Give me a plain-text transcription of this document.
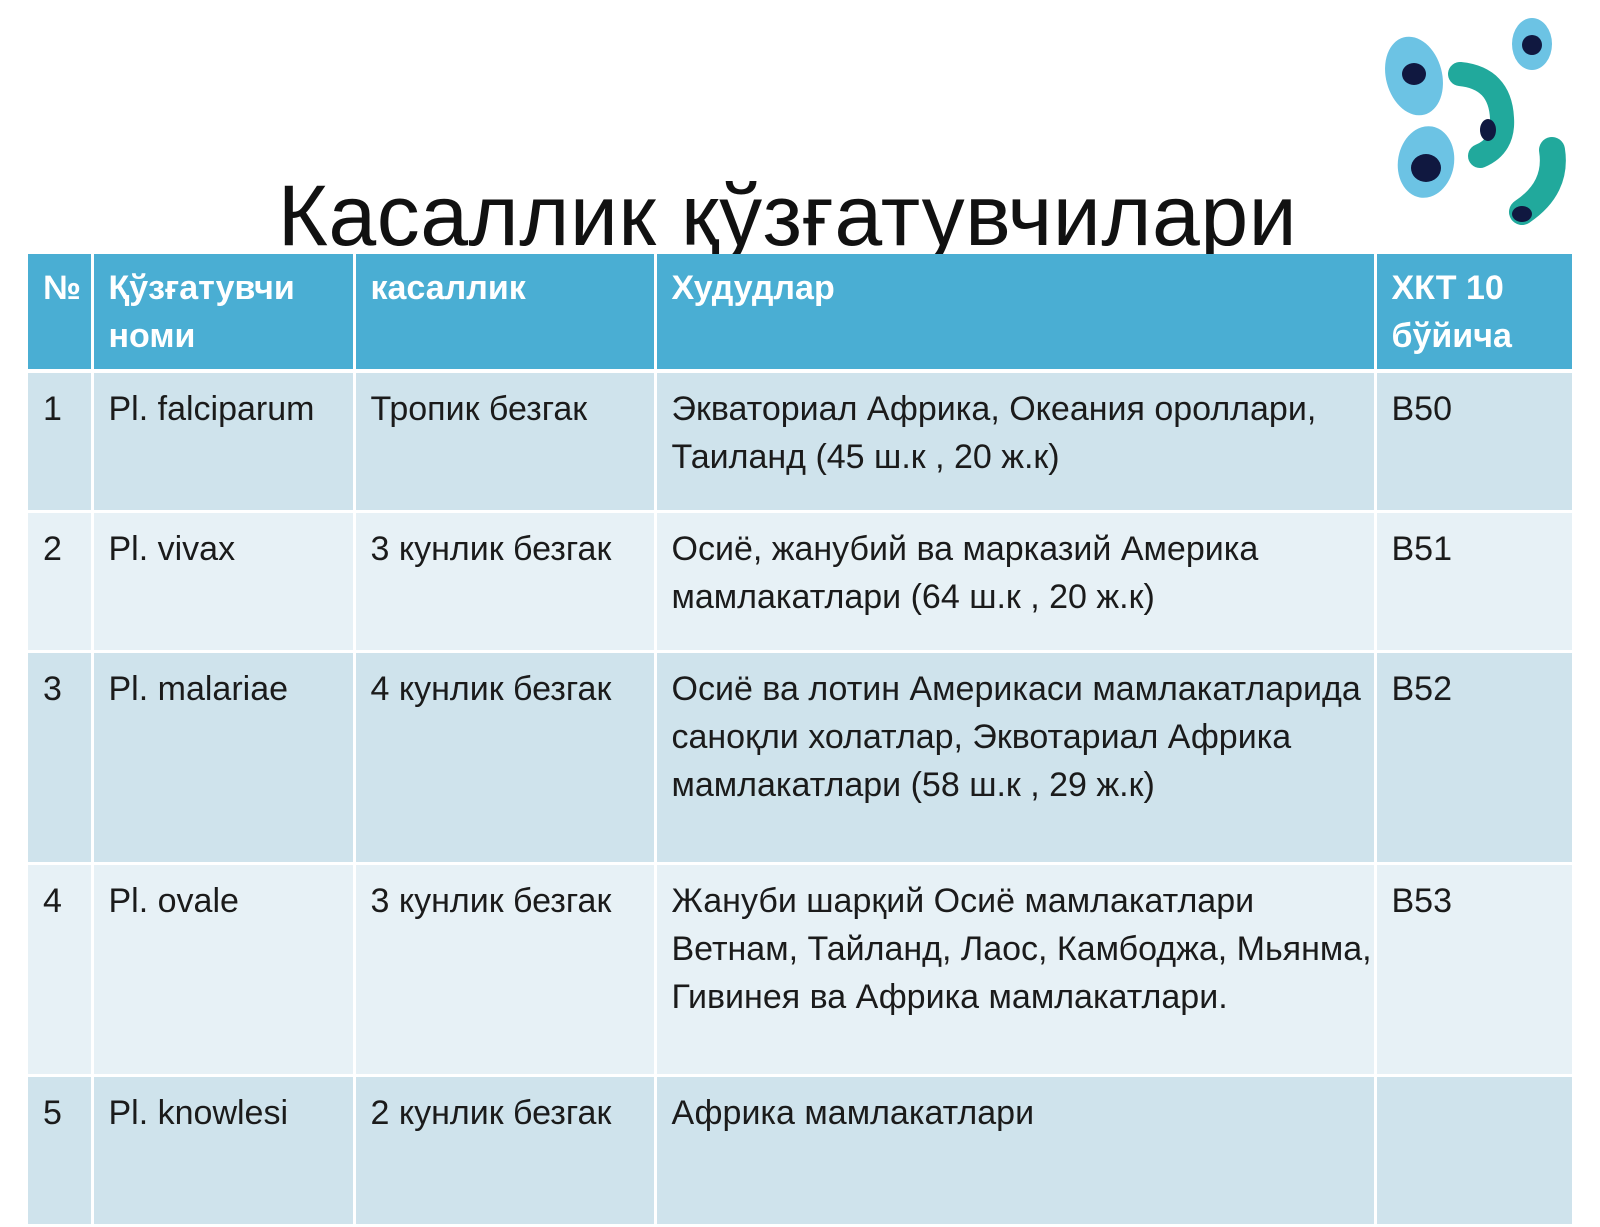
Касаллик қўзғатувчилари
№	Қўзғатувчи номи	касаллик	Худудлар	ХКТ 10 бўйича
1	Pl. falciparum	Тропик безгак	Экваториал Африка, Океания ороллари, Таиланд (45 ш.к , 20 ж.к)	В50
2	Pl. vivax	3 кунлик безгак	Осиё, жанубий ва марказий Америка мамлакатлари (64 ш.к , 20 ж.к)	В51
3	Pl. malariae	4 кунлик безгак	Осиё ва лотин Америкаси мамлакатларида саноқли холатлар, Эквотариал Африка мамлакатлари (58 ш.к , 29 ж.к)	В52
4	Pl. ovale	3 кунлик безгак	Жануби шарқий Осиё мамлакатлари Ветнам, Тайланд, Лаос, Камбоджа, Мьянма, Гивинея ва Африка мамлакатлари.	В53
5	Pl. knowlesi	2 кунлик безгак	Африка мамлакатлари	
